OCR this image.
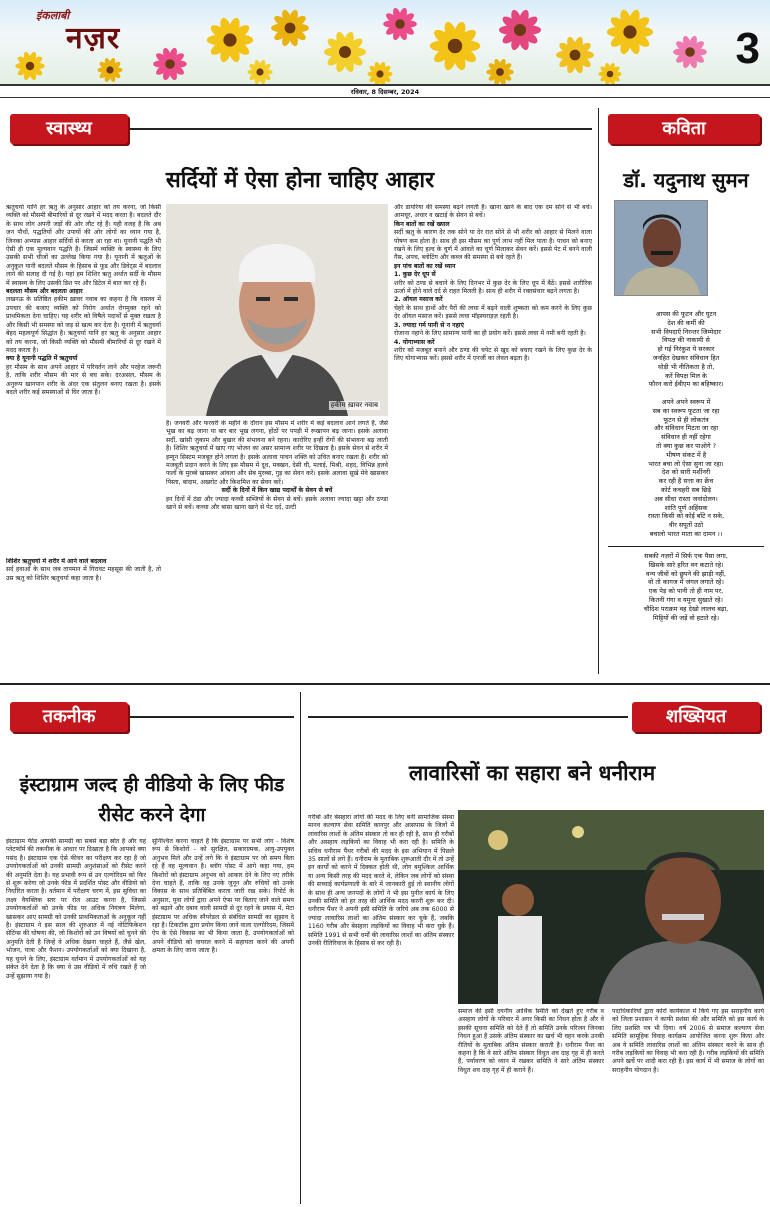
इंकलाबी
नज़र	3
रविवार, 8 दिसम्बर, 2024
स्वास्थ्य
सर्दियों में ऐसा होना चाहिए आहार
ऋतुचर्या यानि हर ऋतु के अनुसार आहार को तय करना, जो किसी व्यक्ति को मौसमी बीमारियों से दूर रखने में मदद करता है। बदलते दौर के साथ लोग अपनी जड़ों की ओर लौट रहे हैं। यही वजह है कि अब जन पौधों, पद्धतियों और उपायों की ओर लोगों का ध्यान गया है, जिनका अभ्यास आहार सर्दियों से करता आ रहा था। यूनानी पद्धति भी ऐसी ही एक मूल्यवान पद्धति है। जिसमें व्यक्ति के स्वास्थ्य के लिए उसकी सभी चीजों का उल्लेख किया गया है। यूनानी में ऋतुओं के अनुकूल यानी बदलते मौसम के हिसाब से फूड और डिवेट्स में बदलाव लाने की सलाह दी गई है। यहां हम शिशिर ऋतु अर्थात सर्दी के मौसम में स्वास्थ्य के लिए उसकी डिश पर और डिटेल में बात कर रहे हैं।
बदलता मौसम और बदलता आहार
लखनऊ के प्रतिष्ठित हकीम ख़ावर नवाब का कहना है कि वास्तव में उपचार की बजाए व्यक्ति को निरोग अर्थात रोगमुक्त रहने को प्राथमिकता देना चाहिए। यह शरीर को विषैले पदार्थों से मुक्त रखता है और किसी भी समस्या को जड़ से खत्म कर देता है। यूनानी में ऋतुचर्या बेहद महत्वपूर्ण सिद्धांत है। ऋतुचर्या यानि हर ऋतु के अनुसार आहार को तय करना, जो किसी व्यक्ति को मौसमी बीमारियों से दूर रखने में मदद करता है।
क्या है यूनानी पद्धति में ऋतुचर्या
हर मौसम के साथ अपने आहार में परिवर्तन लाने और परहेज जरूरी है, ताकि शरीर मौसम की मार से बच सके। दरअसल, मौसम के अनुरूप खानपान शरीर के अंदर एक संतुलन बनाए रखता है। इसके बदले शरीर कई समस्याओं से घिर जाता है।
हकीम ख़ावर नवाब
शिशिर ऋतुचर्या में शरीर में आने वाले बदलाव
सर्द हवाओं के साथ जब तापमान में गिरावट महसूस की जाती है, तो उस ऋतु को शिशिर ऋतुचर्या कहा जाता है।
है। जनवरी और फरवरी के महीने के दौरान इस मौसम में शरीर में कई बदलाव आने लगते हैं, जैसे भूख का बढ़ जाना या बार बार भूख लगना, होंठों पर पपड़ी में रूखापन बढ़ जाना। इसके अलावा सर्दी, खांसी जुकाम और बुखार की संभावना बने रहना। कारोरिए इन्हीं रोगों की संभावना बढ़ जाती है। शिशिर ऋतुचर्या में खाए गए भोजन का असर सामान्य शरीर पर दिखता है। इसके सेवन से शरीर में इम्यून सिस्टम मजबूत होने लगता है। इसके अलावा पाचन शक्ति को उचित बनाए रखता है। शरीर को मजबूती प्रदान करने के लिए इस मौसम में दूध, मक्खन, देसी घी, मलाई, मिश्री, शहद, विभिन्न हलवे फलों के मुरब्बे खासकर आंवला और सेब मुरब्बा, गुड़ का सेवन करें। इसके अलावा सूखे मेवे खासकर पिस्ता, बादाम, अखरोट और किशमिश का सेवन करें।
सर्दी के दिनों में किन खाद्य पदार्थों के सेवन से बचें
इन दिनों में ठंडा और ज्यादा कच्ची सब्जियों के सेवन से बचें। इसके अलावा ज्यादा खट्टा और ठण्डा खाने से बचें। कच्चा और बासा खाना खाने से पेट दर्द, उल्टी
और डायरिया की समस्या बढ़ने लगती है। खाना खाने के बाद एक दम सोने से भी बचें। आमचूर, अचार व खटाई के सेवन से बचें।
किन बातों का रखें ख्याल
सर्दी ऋतु के कारण देर तक सोने या देर रात सोने से भी शरीर को आहार से मिलने वाला पोषण कम होता है। साथ ही इस मौसम का पूर्ण लाभ नहीं मिल पाता है। पाचन को बनाए रखने के लिए हल्द के चूर्ण में आंवले का चूर्ण मिलाकर सेवन करें। इससे पेट में बनने वाली गैस, अपच, ब्लोटिंग और कब्ज की समस्या से बचे रहते हैं।
इन पांच बातों का रखें ध्यान
1. कुछ देर धूप सें
शरीर को ठण्ड से बचाने के लिए दिनभर में कुछ देर के लिए धूप में बैठें। इससे शारीरिक ऊर्जा में होने वाले दर्द से राहत मिलती है। साथ ही शरीर में रक्तसंचार बढ़ने लगता है।
2. ऑयल मसाज करें
चेहरे के साथ हाथों और पैरों की त्वचा में बढ़ने वाली शुष्कता को कम करने के लिए कुछ देर ऑयल मसाज करें। इससे त्वचा मॉइस्चराइज़ रहती है।
3. ज्यादा गर्म पानी से न नहाएं
रोजाना नहाने के लिए सामान्य पानी का ही प्रयोग करें। इससे त्वचा में नमी बनी रहती है।
4. योगाभ्यास करें
शरीर को मजबूत बनाने और ठण्ड की चपेट से खुद को बचाए रखने के लिए कुछ देर के लिए योगाभ्यास करें। इससे शरीर में एनर्जी का लेवल बढ़ता है।
कविता
डॉ. यदुनाथ सुमन
आपस की फूटन और घुटन
देश की कर्मी की
सभी विपदाएँ निरन्तर जिम्मेदार
विपक्ष की नाकामी से
हो गई निरंकुश ये सरकार
जनहित देखकर संविधान हित
थोड़ी भी नीतिकता है तो,
करें विपक्ष मिल के
फौरन करो ईवीएम का बहिष्कार।
अपने अपने स्वरूप में
सब का स्वरूप फूटता जा रहा
फूटन से ही लोकतंत्र
और संविधान मिटता जा रहा
संविधान ही नहीं रहेगा
तो क्या कुछ कर पाओगे ?
भीषण संकट में है
भारत बचा लो ऐसा सुना जा रहा।
देश को सारी मर्शीनरी
कर रही है सत्ता का क्रेंच
कोर्ट कचहरी सब छिड़े
अब सीधा रास्ता जनांदोलन।
शांति पूर्ण अहिंसक
रास्ता किसी को कोई बाँटे न सके,
वीर सपूतों उठो
बचालो भारत माता का दामन ।।
सबकी नज़रों में सिर्फ एक पैसा लगा,
खिसके सारे हरित वन कटाते रहे।
वन्य जीवों को छुपने की झाड़ी नहीं,
वो तो कागज में जंगल लगाते रहे।
एक पेड़ को पानी तो ही नाम पर,
कितनी गंगा व यमुना सुखाते रहे।
चौदिश पराक्रम वह देखो लालच बढ़ा,
मिट्टियों की जड़ें वो हटाते रहे।
तकनीक
इंस्टाग्राम जल्द ही वीडियो के लिए फीड रीसेट करने देगा
इंस्टाग्राम फीड आपकी सामग्री का सबसे बड़ा स्रोत है और यह प्लेटफॉर्म की तकनीक के आधार पर दिखाता है कि आपको क्या पसंद है। इंस्टाग्राम एक ऐसे फीचर का परीक्षण कर रहा है जो उपयोगकर्ताओं को उनकी सामग्री अनुशंसाओं को रीसेट करने की अनुमति देता है। यह प्रभावी रूप से उन एल्गोरिदम को फिर से शुरू करेगा जो उनके फीड में प्रदर्शित पोस्ट और वीडियो को निर्धारित करता है। वर्तमान में परीक्षण चरण में, इस सुविधा का लक्ष्य वैयक्तिक स्तर पर रोल आउट करना है, जिससे उपयोगकर्ताओं को उनके फीड पर अधिक नियंत्रण मिलेगा, खासकर आए सामग्री को उनकी प्राथमिकताओं के अनुकूल नहीं है। इंस्टाग्राम ने इस साल की शुरुआत में नई नोटिफिकेशन सेटिंग्स की घोषणा की, जो किशोरों को उन विषयों को चुनने की अनुमति देती है जिन्हें वे अधिक देखना चाहते हैं, जैसे खेल, भोजन, यात्रा और फैशन। उपयोगकर्ताओं को क्या दिखाना है, यह चुनने के लिए, इंस्टाग्राम वर्तमान में उपयोगकर्ताओं को यह संकेत देने देता है कि क्या वे उस वीडियो में रुचि रखते हैं जो उन्हें सुझाया गया है।
सुनिश्चित करना चाहते हैं कि इंस्टाग्राम पर सभी लोग - विशेष रूप से किशोरों - को सुरक्षित, सकारात्मक, आयु-उपयुक्त अनुभव मिले और उन्हें लगे कि वे इंस्टाग्राम पर जो समय बिता रहे हैं वह मूल्यवान है। ब्लॉग पोस्ट में आगे कहा गया, हम किशोरों को इंस्टाग्राम अनुभव को आकार देने के लिए नए तरीके देना चाहते हैं, ताकि वह उनके जुनून और रुचियों को उनके विकास के साथ प्रतिबिंबित करता जारी रख सके। रिपोर्ट के अनुसार, युवा लोगों द्वारा अपने ऐप्स पर बिताए जाने वाले समय को बढ़ाने और दबाव वाली सामग्री से दूर रहने के प्रयास में, मेटा इंस्टाग्राम पर अधिक स्नैपरेडल से संबंधित सामग्री का सुझाव दे रहा है। टिकटॉक द्वारा प्रयोग किया जाने वाला एल्गोरिदम, जिसमें ऐप के ऐसे विकास का भी किया जाता है, उपयोगकर्ताओं को अपने वीडियो को वायरल करने में सहायता करने की अपनी क्षमता के लिए जाना जाता है।
शख्सियत
लावारिसों का सहारा बने धनीराम
गरीबों और बेसहारा लोगों की मदद के लिए बनी सामाजिक संस्था मानव कल्याण सेवा समिति कानपुर और आसपास के जिलों में लावारिस लाशों के अंतिम संस्कार तो कर ही रही है, साथ ही गरीबों और असहाय लड़कियों का विवाह भी करा रही है। समिति के सचिव धनीराम पैंथर गरीबों की मदद के इस अभियान में पिछले 35 सालों से लगे हैं। धनीराम के मुताबिक शुरूआती दौर में तो उन्हें इन कार्यों को करने में दिक्कत होती थी, लोग बमुश्किल आर्थिक या अन्य किसी तरह की मदद करते थे, लेकिन जब लोगों को संस्था की सच्चाई कार्यप्रणाली के बारे में जानकारी हुई तो स्थानीय लोगों के साथ ही अन्य जनपदों के लोगों ने भी इस पुनीत कार्य के लिए उनकी समिति को हर तरह की आर्थिक मदद करनी शुरू कर दी। धनीराम पैंथर ने अपनी इसी समिति के जरिये अब तक 6000 से ज्यादा लावारिस लाशों का अंतिम संस्कार कर चुके हैं, जबकि 1160 गरीब और बेसहारा लड़कियों का विवाह भी करा चुके हैं। समिति 1991 से सभी धर्मों की लावारिस लाशों का अंतिम संस्कार उनकी रीतिरिवाज के हिसाब से कर रही है।
समाज की इसी दयनीय आर्थिक स्थिति को देखते हुए गरीब व असहाय लोगों के परिवार में अगर किसी का निधन होता है और वे इसकी सूचना समिति को देते हैं तो समिति उनके परिजन जिनका निधन हुआ है उसके अंतिम संस्कार का खर्च भी वहन करके उनकी रीतियों के मुताबिक अंतिम संस्कार कराती है। धनीराम पैंथर का कहना है कि वे सारे अंतिम संस्कार विधुत शव दाह गृह में ही करते हैं, पर्यावरण को ध्यान में रखकर समिति ने सारे अंतिम संस्कार विधुत शव दाह गृह में ही कराने हैं।
पदाधिकारियों द्वारा कोरों कार्यकाल में किये गए इस सराहनीय कार्य को जिला प्रशासन ने काफी प्रशंसा की और समिति को इस कार्य के लिए प्रशस्ति पत्र भी दिया। वर्ष 2006 से समाज कल्याण सेवा समिति सामूहिक विवाह कार्यक्रम आयोजित करना शुरू किया और अब ये समिति लावारिस लाशों का अंतिम संस्कार करने के साथ ही गरीब लड़कियों का विवाह भी करा रही है। गरीब लड़कियों की समिति अपने खर्चे पर शादी करा रही है। इस कार्य में भी समाज के लोगों का सराहनीय योगदान है।
